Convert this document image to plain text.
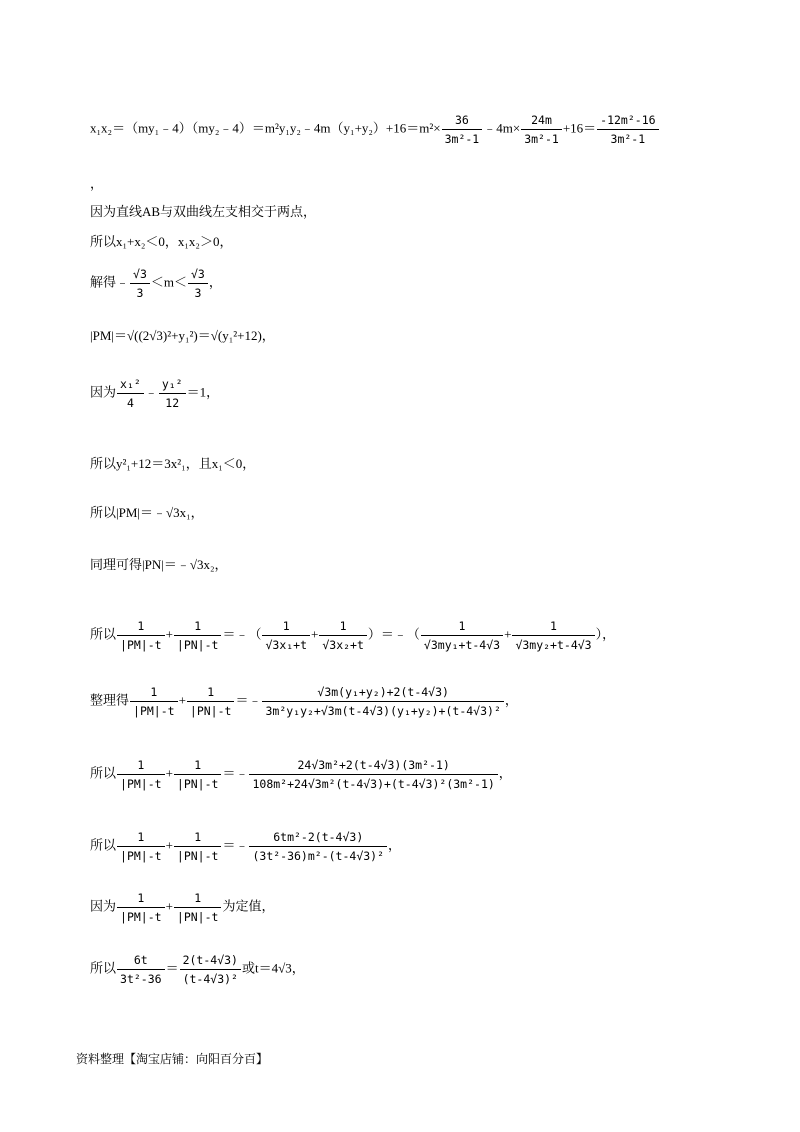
x₁x₂＝（my₁﹣4）（my₂﹣4）＝m²y₁y₂﹣4m（y₁+y₂）+16＝m²× $\frac{36}{\text{3m²-1}}$ ﹣4m× $\frac{24m}{\text{3m²-1}} +16= \frac{\text{-12m²-16}}{\text{3m²-1}}$
，
因为直线AB与双曲线左支相交于两点，
所以x₁+x₂＜0，x₁x₂＞0，
解得﹣ $\frac{√3}{3} <m< \frac{√3}{3}$ ，
|PM|＝√((2√3)²+y₁²)＝√(y₁²+12)，
因为 $\frac{\text{x₁²}}{4}$ ﹣ $\frac{\text{y₁²}}{12} =1$，
所以y²₁+12＝3x²₁，且x₁＜0，
所以|PM|＝﹣√3x₁，
同理可得|PN|＝﹣√3x₂，
所以 $\frac{1}{|PM|-t} + \frac{1}{|PN|-t}$ ＝﹣（ $\frac{1}{\text{√3x₁+t}} + \frac{1}{\text{√3x₂+t}}$ ）＝﹣（ $\frac{1}{\text{√3my₁+t-4√3}} + \frac{1}{\text{√3my₂+t-4√3}}$ ），
整理得 $\frac{1}{|PM|-t} + \frac{1}{|PN|-t}$ ＝﹣ $\frac{\text{√3m(y₁+y₂)+2(t-4√3)}}{\text{3m²y₁y₂+√3m(t-4√3)(y₁+y₂)+(t-4√3)²}}$ ，
所以 $\frac{1}{|PM|-t} + \frac{1}{|PN|-t}$ ＝﹣ $\frac{\text{24√3m²+2(t-4√3)(3m²-1)}}{\text{108m²+24√3m²(t-4√3)+(t-4√3)²(3m²-1)}}$ ，
所以 $\frac{1}{|PM|-t} + \frac{1}{|PN|-t}$ ＝﹣ $\frac{\text{6tm²-2(t-4√3)}}{\text{(3t²-36)m²-(t-4√3)²}}$ ，
因为 $\frac{1}{|PM|-t} + \frac{1}{|PN|-t}$ 为定值，
所以 $\frac{6t}{\text{3t²-36}} = \frac{2(t-4√3)}{\text{(t-4√3)²}}$ 或t＝4√3，
资料整理【淘宝店铺：向阳百分百】
